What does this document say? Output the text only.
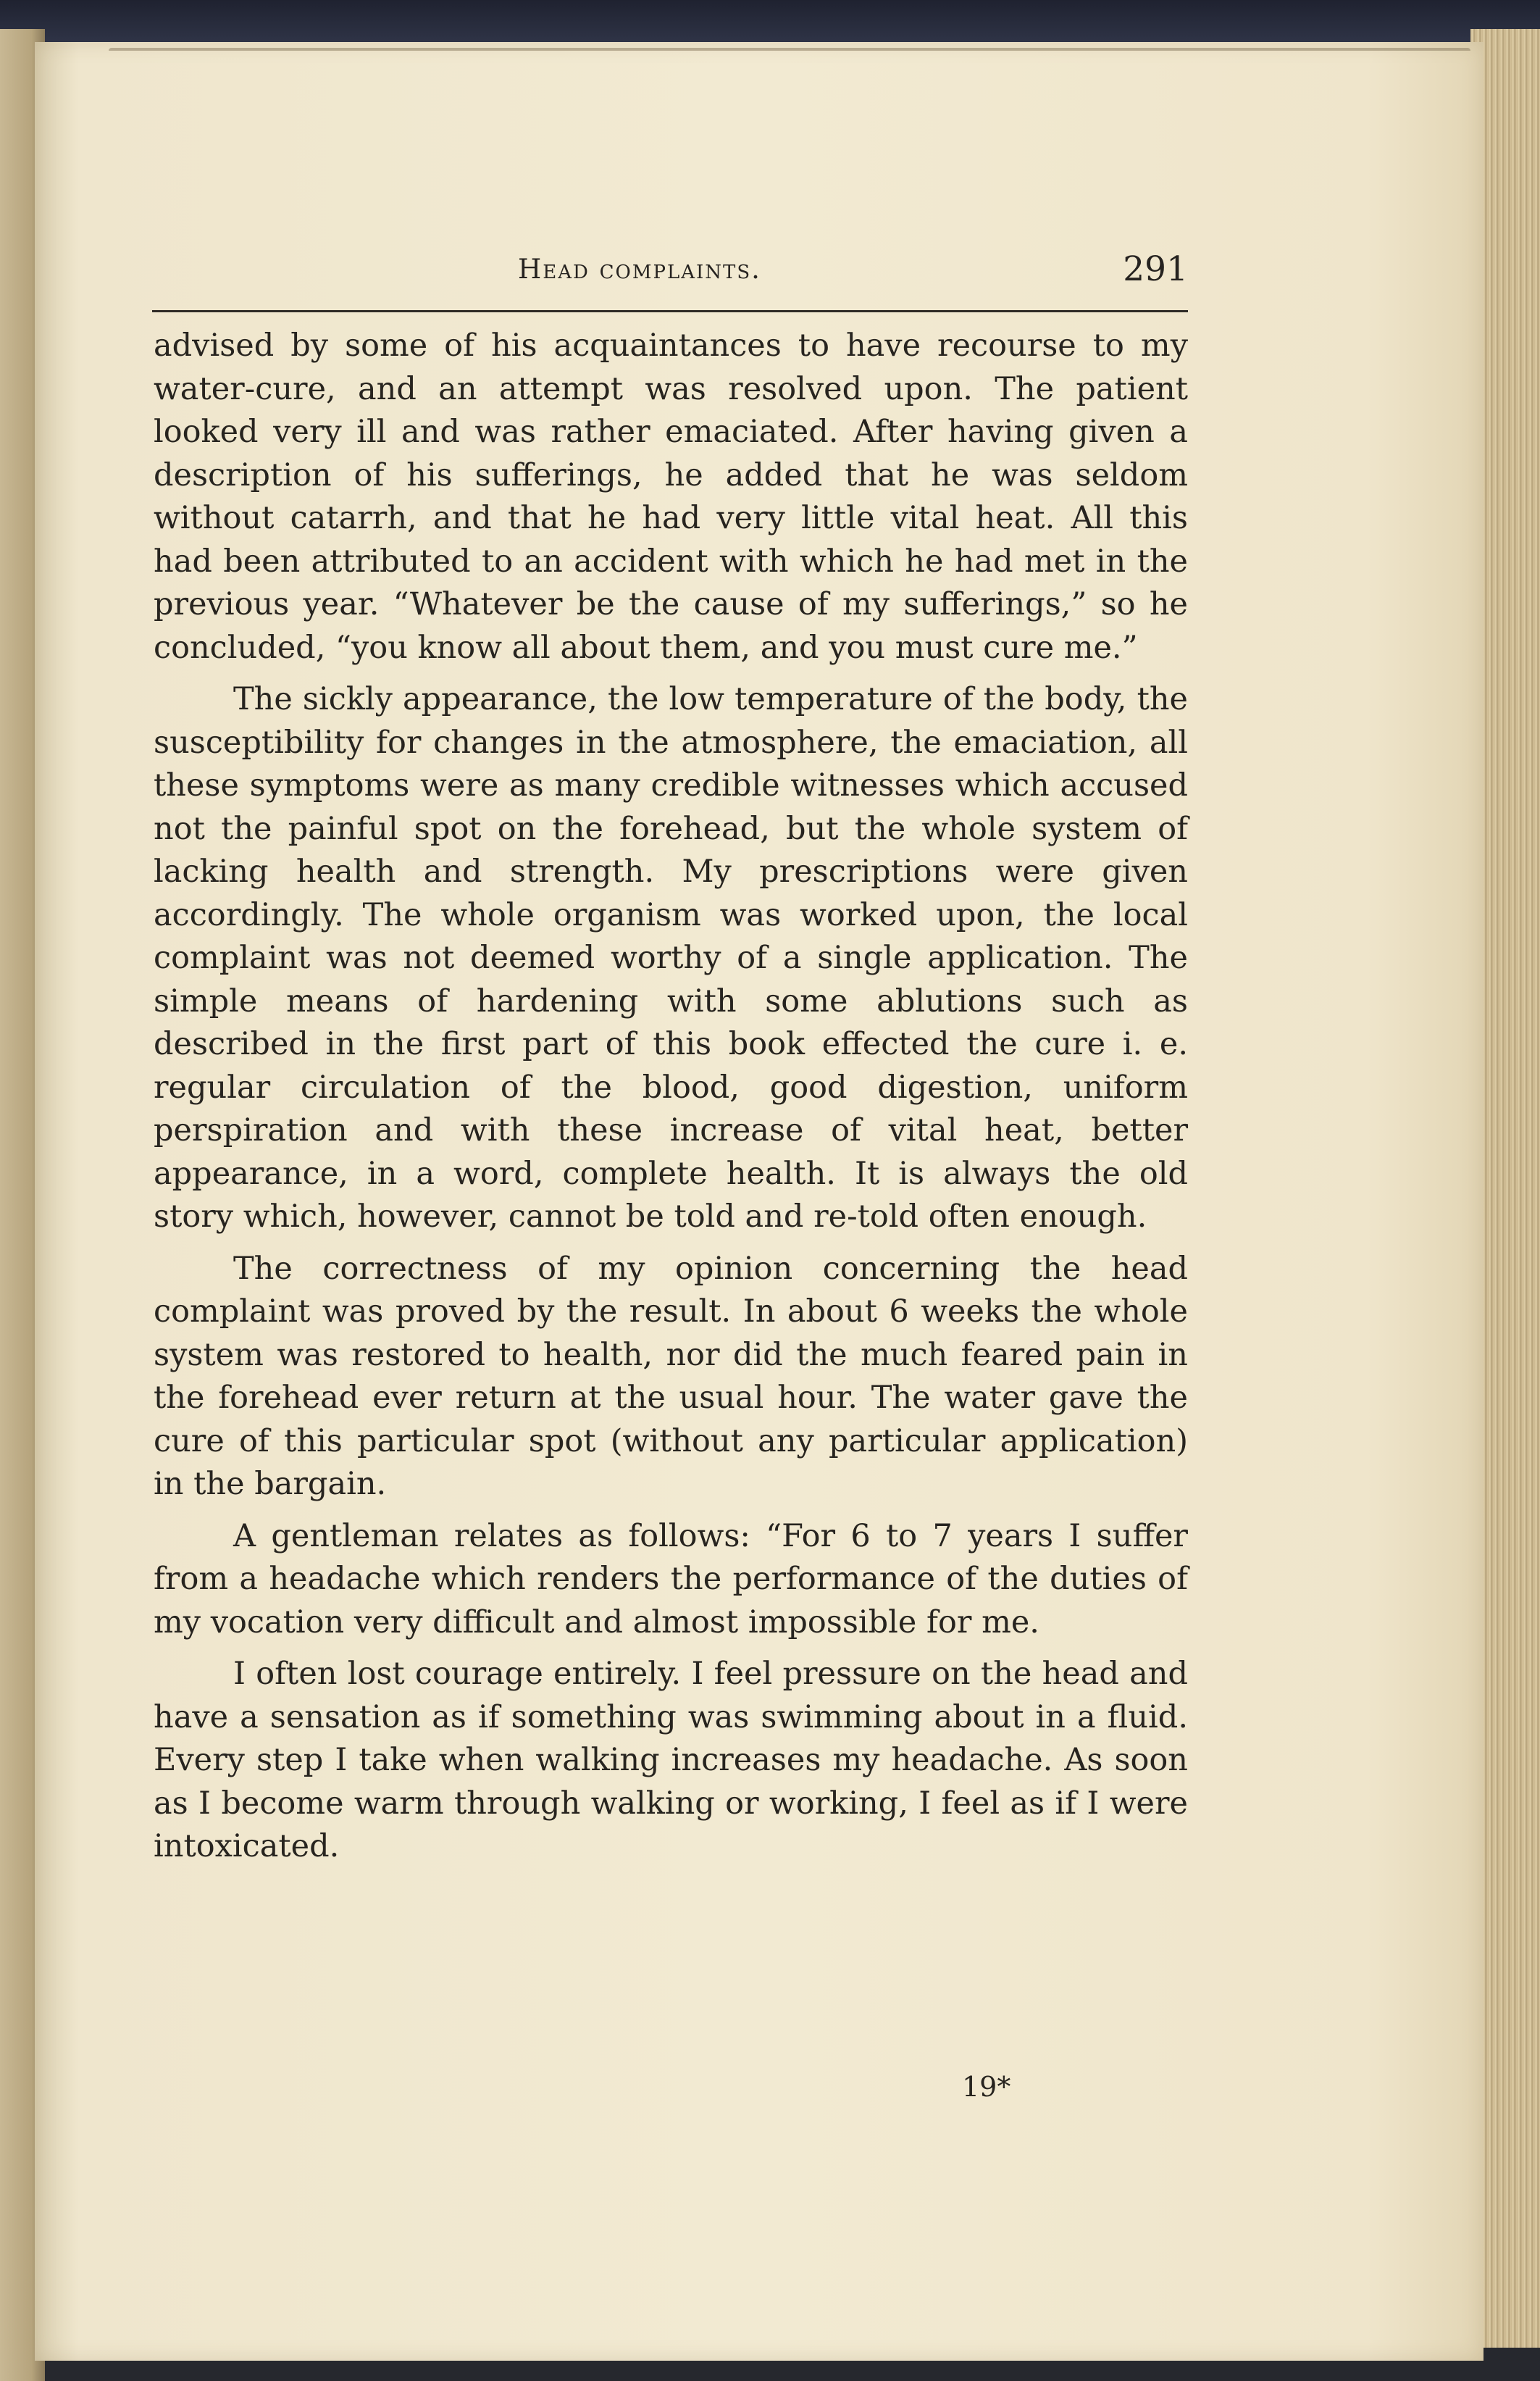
Head complaints.	291

advised by some of his acquaintances to have recourse to my water-cure, and an attempt was resolved upon. The patient looked very ill and was rather emaciated. After having given a description of his sufferings, he added that he was seldom without catarrh, and that he had very little vital heat. All this had been attributed to an accident with which he had met in the previous year. “Whatever be the cause of my sufferings,” so he concluded, “you know all about them, and you must cure me.”

The sickly appearance, the low temperature of the body, the susceptibility for changes in the atmosphere, the emaciation, all these symptoms were as many credible witnesses which accused not the painful spot on the forehead, but the whole system of lacking health and strength. My prescriptions were given accordingly. The whole organism was worked upon, the local complaint was not deemed worthy of a single application. The simple means of hardening with some ablutions such as described in the first part of this book effected the cure i. e. regular circulation of the blood, good digestion, uniform perspiration and with these increase of vital heat, better appearance, in a word, complete health. It is always the old story which, however, cannot be told and re-told often enough.

The correctness of my opinion concerning the head complaint was proved by the result. In about 6 weeks the whole system was restored to health, nor did the much feared pain in the forehead ever return at the usual hour. The water gave the cure of this particular spot (without any particular application) in the bargain.

A gentleman relates as follows: “For 6 to 7 years I suffer from a headache which renders the performance of the duties of my vocation very difficult and almost impossible for me.

I often lost courage entirely. I feel pressure on the head and have a sensation as if something was swimming about in a fluid. Every step I take when walking increases my headache. As soon as I become warm through walking or working, I feel as if I were intoxicated.

19*
